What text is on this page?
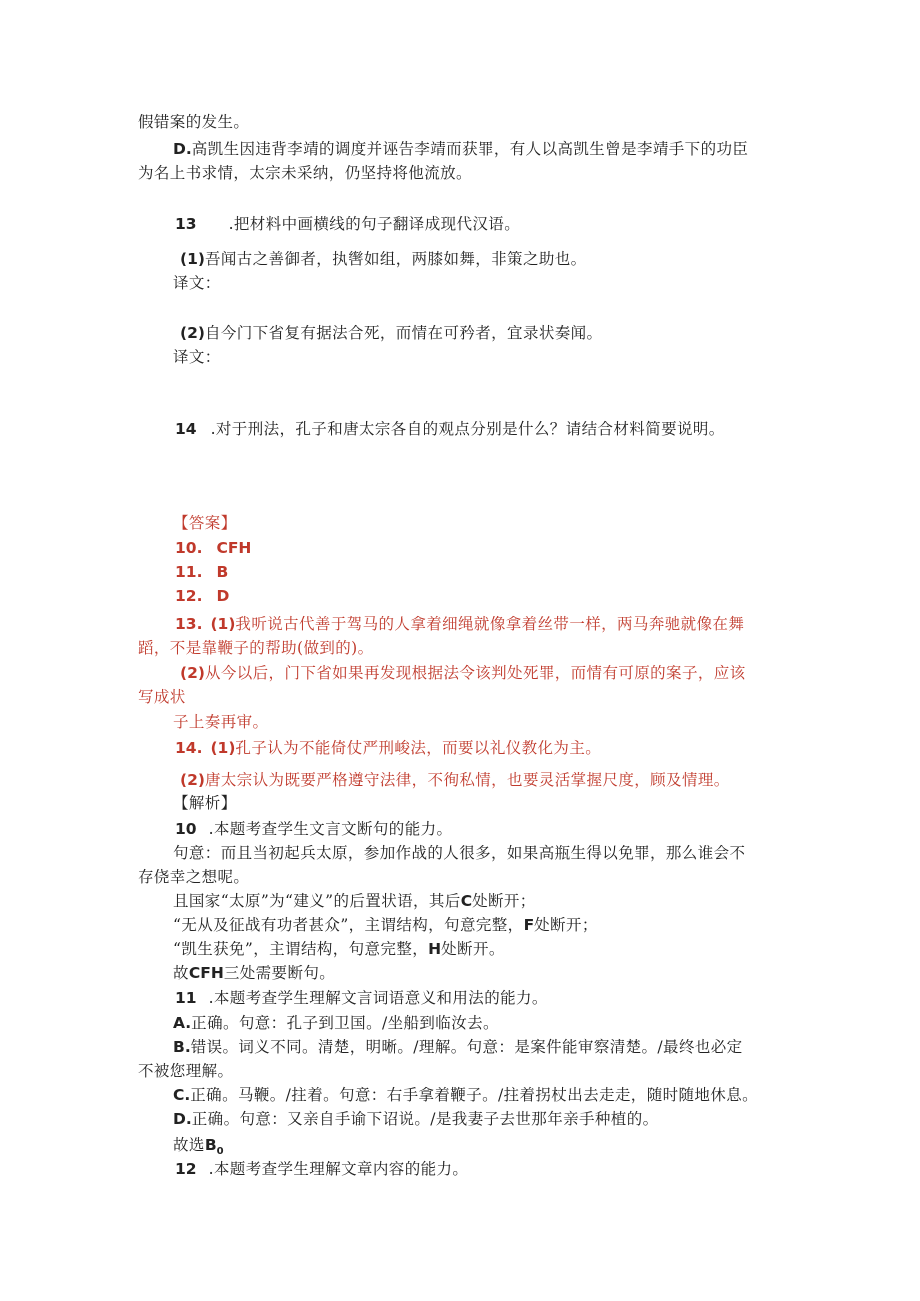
假错案的发生。
D.高凯生因违背李靖的调度并诬告李靖而获罪，有人以高凯生曾是李靖手下的功臣
为名上书求情，太宗未采纳，仍坚持将他流放。
13 .把材料中画横线的句子翻译成现代汉语。
(1)吾闻古之善御者，执辔如组，两膝如舞，非策之助也。
译文：
(2)自今门下省复有据法合死，而情在可矜者，宜录状奏闻。
译文：
14 .对于刑法，孔子和唐太宗各自的观点分别是什么？请结合材料简要说明。
【答案】
10. CFH
11. B
12. D
13. (1)我听说古代善于驾马的人拿着细绳就像拿着丝带一样，两马奔驰就像在舞
蹈，不是靠鞭子的帮助(做到的)。
(2)从今以后，门下省如果再发现根据法令该判处死罪，而情有可原的案子，应该
写成状
子上奏再审。
14. (1)孔子认为不能倚仗严刑峻法，而要以礼仪教化为主。
(2)唐太宗认为既要严格遵守法律，不徇私情，也要灵活掌握尺度，顾及情理。
【解析】
10 .本题考查学生文言文断句的能力。
句意：而且当初起兵太原，参加作战的人很多，如果高瓶生得以免罪，那么谁会不
存侥幸之想呢。
且国家“太原”为“建义”的后置状语，其后C处断开；
“无从及征战有功者甚众”，主谓结构，句意完整，F处断开；
“凯生获免”，主谓结构，句意完整，H处断开。
故CFH三处需要断句。
11 .本题考查学生理解文言词语意义和用法的能力。
A.正确。句意：孔子到卫国。/坐船到临汝去。
B.错误。词义不同。清楚，明晰。/理解。句意：是案件能审察清楚。/最终也必定
不被您理解。
C.正确。马鞭。/拄着。句意：右手拿着鞭子。/拄着拐杖出去走走，随时随地休息。
D.正确。句意：又亲自手谕下诏说。/是我妻子去世那年亲手种植的。
故选$B_0$
12 .本题考查学生理解文章内容的能力。
